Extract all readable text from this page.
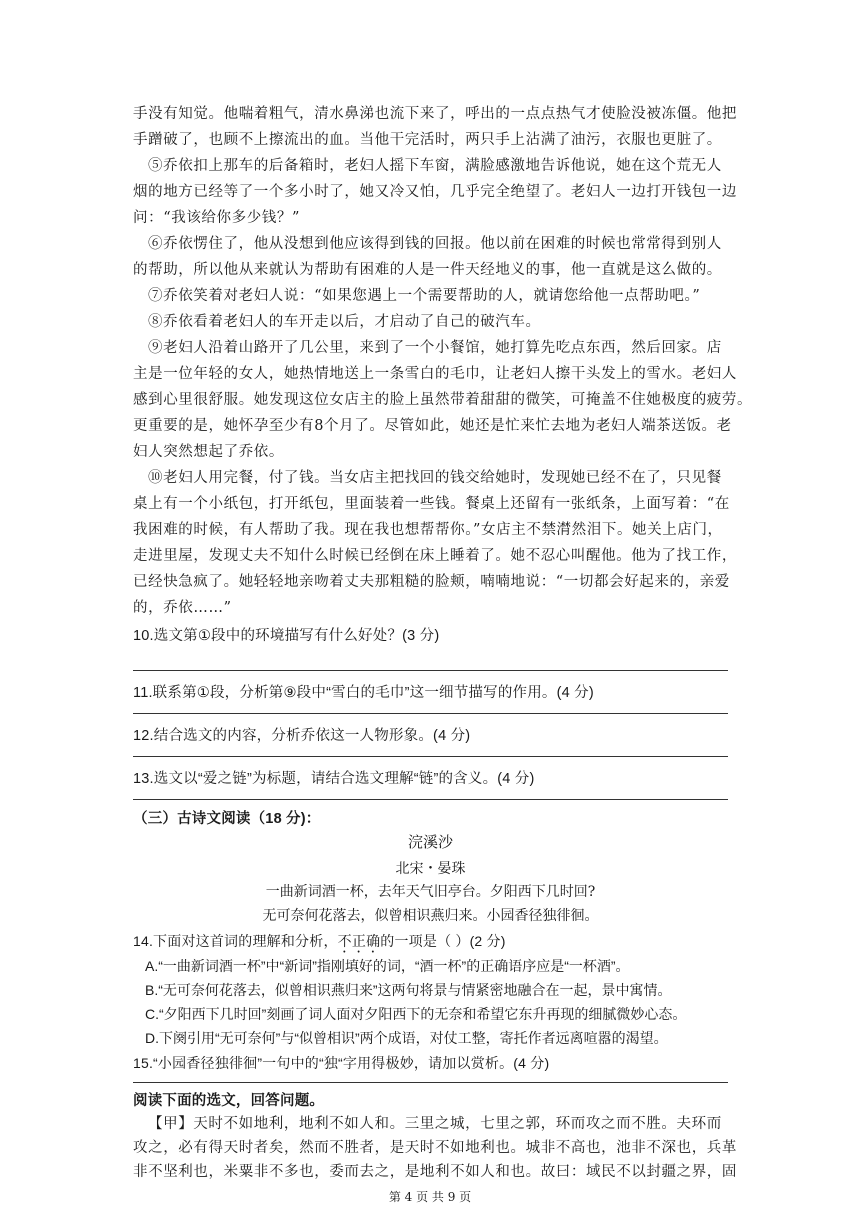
手没有知觉。他喘着粗气，清水鼻涕也流下来了，呼出的一点点热气才使脸没被冻僵。他把
手蹭破了，也顾不上擦流出的血。当他干完活时，两只手上沾满了油污，衣服也更脏了。
⑤乔依扣上那车的后备箱时，老妇人摇下车窗，满脸感激地告诉他说，她在这个荒无人
烟的地方已经等了一个多小时了，她又冷又怕，几乎完全绝望了。老妇人一边打开钱包一边
问：“我该给你多少钱？”
⑥乔依愣住了，他从没想到他应该得到钱的回报。他以前在困难的时候也常常得到别人
的帮助，所以他从来就认为帮助有困难的人是一件天经地义的事，他一直就是这么做的。
⑦乔依笑着对老妇人说：“如果您遇上一个需要帮助的人，就请您给他一点帮助吧。”
⑧乔依看着老妇人的车开走以后，才启动了自己的破汽车。
⑨老妇人沿着山路开了几公里，来到了一个小餐馆，她打算先吃点东西，然后回家。店
主是一位年轻的女人，她热情地送上一条雪白的毛巾，让老妇人擦干头发上的雪水。老妇人
感到心里很舒服。她发现这位女店主的脸上虽然带着甜甜的微笑，可掩盖不住她极度的疲劳。
更重要的是，她怀孕至少有8个月了。尽管如此，她还是忙来忙去地为老妇人端茶送饭。老
妇人突然想起了乔依。
⑩老妇人用完餐，付了钱。当女店主把找回的钱交给她时，发现她已经不在了，只见餐
桌上有一个小纸包，打开纸包，里面装着一些钱。餐桌上还留有一张纸条，上面写着：“在
我困难的时候，有人帮助了我。现在我也想帮帮你。”女店主不禁潸然泪下。她关上店门，
走进里屋，发现丈夫不知什么时候已经倒在床上睡着了。她不忍心叫醒他。他为了找工作，
已经快急疯了。她轻轻地亲吻着丈夫那粗糙的脸颊，喃喃地说：“一切都会好起来的，亲爱
的，乔依……”
10.选文第①段中的环境描写有什么好处？(3 分)
11.联系第①段，分析第⑨段中“雪白的毛巾”这一细节描写的作用。(4 分)
12.结合选文的内容，分析乔依这一人物形象。(4 分)
13.选文以“爱之链”为标题，请结合选文理解“链”的含义。(4 分)
（三）古诗文阅读（18 分)：
浣溪沙
北宋・晏珠
一曲新词酒一杯，去年天气旧亭台。夕阳西下几时回?
无可奈何花落去，似曾相识燕归来。小园香径独徘徊。
14.下面对这首词的理解和分析，不正确的一项是（ ）(2 分)
A.“一曲新词酒一杯”中“新词”指刚填好的词，“酒一杯”的正确语序应是“一杯酒”。
B.“无可奈何花落去，似曾相识燕归来”这两句将景与情紧密地融合在一起，景中寓情。
C.“夕阳西下几时回”刻画了词人面对夕阳西下的无奈和希望它东升再现的细腻微妙心态。
D.下阕引用“无可奈何”与“似曾相识”两个成语，对仗工整，寄托作者远离喧嚣的渴望。
15.“小园香径独徘徊”一句中的“独“字用得极妙，请加以赏析。(4 分)
阅读下面的选文，回答问题。
【甲】天时不如地利，地利不如人和。三里之城，七里之郭，环而攻之而不胜。夫环而
攻之，必有得天时者矣，然而不胜者，是天时不如地利也。城非不高也，池非不深也，兵革
非不坚利也，米粟非不多也，委而去之，是地利不如人和也。故曰：域民不以封疆之界，固
第 4 页 共 9 页
